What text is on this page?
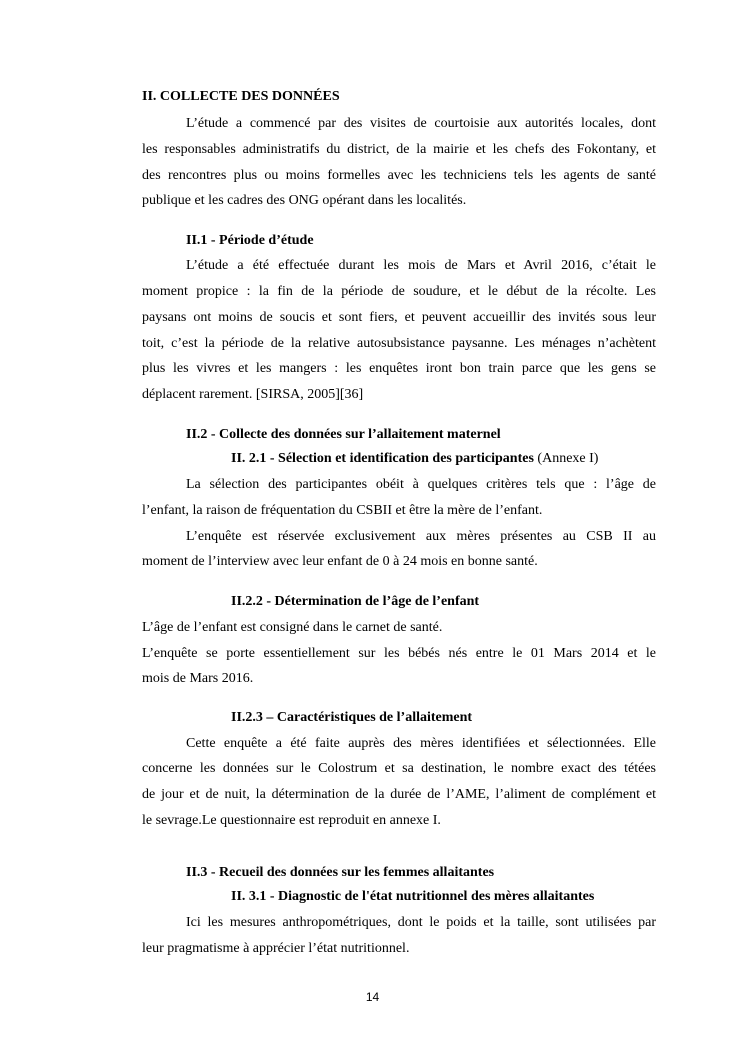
II. COLLECTE DES DONNÉES
L’étude a commencé par des visites de courtoisie aux autorités locales, dont
les responsables administratifs du district, de la mairie et les chefs des Fokontany, et
des rencontres plus ou moins formelles avec les techniciens tels les agents de santé
publique et les cadres des ONG opérant dans les localités.
II.1 - Période d’étude
L’étude a été effectuée durant les mois de Mars et Avril 2016, c’était le
moment propice : la fin de la période de soudure, et le début de la récolte. Les
paysans ont moins de soucis et sont fiers, et peuvent accueillir des invités sous leur
toit, c’est la période de la relative autosubsistance paysanne. Les ménages n’achètent
plus les vivres et les mangers : les enquêtes iront bon train parce que les gens se
déplacent rarement. [SIRSA, 2005][36]
II.2 - Collecte des données sur l’allaitement maternel
II. 2.1 - Sélection et identification des participantes (Annexe I)
La sélection des participantes obéit à quelques critères tels que : l’âge de
l’enfant, la raison de fréquentation du CSBII et être la mère de l’enfant.
L’enquête est réservée exclusivement aux mères présentes au CSB II au
moment de l’interview avec leur enfant de 0 à 24 mois en bonne santé.
II.2.2 - Détermination de l’âge de l’enfant
L’âge de l’enfant est consigné dans le carnet de santé.
L’enquête se porte essentiellement sur les bébés nés entre le 01 Mars 2014 et le
mois de Mars 2016.
II.2.3 – Caractéristiques de l’allaitement
Cette enquête a été faite auprès des mères identifiées et sélectionnées. Elle
concerne les données sur le Colostrum et sa destination, le nombre exact des tétées
de jour et de nuit, la détermination de la durée de l’AME, l’aliment de complément et
le sevrage.Le questionnaire est reproduit en annexe I.
II.3 - Recueil des données sur les femmes allaitantes
II. 3.1 - Diagnostic de l'état nutritionnel des mères allaitantes
Ici les mesures anthropométriques, dont le poids et la taille, sont utilisées par
leur pragmatisme à apprécier l’état nutritionnel.
14
